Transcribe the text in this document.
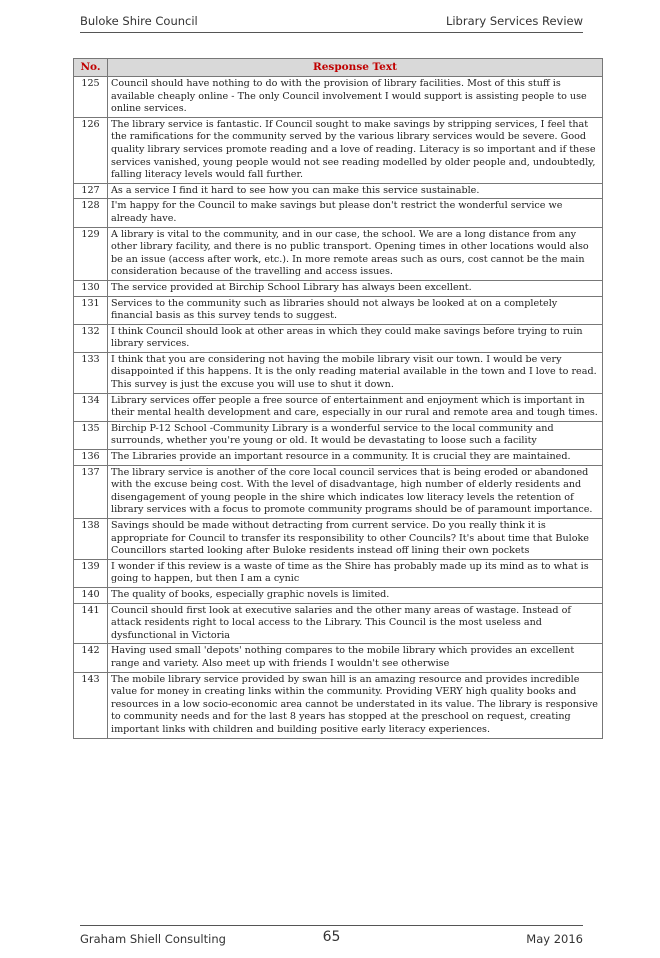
Buloke Shire Council	Library Services Review
No.	Response Text
125	Council should have nothing to do with the provision of library facilities. Most of this stuff is available cheaply online - The only Council involvement I would support is assisting people to use online services.
126	The library service is fantastic. If Council sought to make savings by stripping services, I feel that the ramifications for the community served by the various library services would be severe. Good quality library services promote reading and a love of reading. Literacy is so important and if these services vanished, young people would not see reading modelled by older people and, undoubtedly, falling literacy levels would fall further.
127	As a service I find it hard to see how you can make this service sustainable.
128	I'm happy for the Council to make savings but please don't restrict the wonderful service we already have.
129	A library is vital to the community, and in our case, the school. We are a long distance from any other library facility, and there is no public transport. Opening times in other locations would also be an issue (access after work, etc.). In more remote areas such as ours, cost cannot be the main consideration because of the travelling and access issues.
130	The service provided at Birchip School Library has always been excellent.
131	Services to the community such as libraries should not always be looked at on a completely financial basis as this survey tends to suggest.
132	I think Council should look at other areas in which they could make savings before trying to ruin library services.
133	I think that you are considering not having the mobile library visit our town. I would be very disappointed if this happens. It is the only reading material available in the town and I love to read. This survey is just the excuse you will use to shut it down.
134	Library services offer people a free source of entertainment and enjoyment which is important in their mental health development and care, especially in our rural and remote area and tough times.
135	Birchip P-12 School -Community Library is a wonderful service to the local community and surrounds, whether you're young or old. It would be devastating to loose such a facility
136	The Libraries provide an important resource in a community. It is crucial they are maintained.
137	The library service is another of the core local council services that is being eroded or abandoned with the excuse being cost. With the level of disadvantage, high number of elderly residents and disengagement of young people in the shire which indicates low literacy levels the retention of library services with a focus to promote community programs should be of paramount importance.
138	Savings should be made without detracting from current service. Do you really think it is appropriate for Council to transfer its responsibility to other Councils? It's about time that Buloke Councillors started looking after Buloke residents instead off lining their own pockets
139	I wonder if this review is a waste of time as the Shire has probably made up its mind as to what is going to happen, but then I am a cynic
140	The quality of books, especially graphic novels is limited.
141	Council should first look at executive salaries and the other many areas of wastage. Instead of attack residents right to local access to the Library. This Council is the most useless and dysfunctional in Victoria
142	Having used small 'depots' nothing compares to the mobile library which provides an excellent range and variety. Also meet up with friends I wouldn't see otherwise
143	The mobile library service provided by swan hill is an amazing resource and provides incredible value for money in creating links within the community. Providing VERY high quality books and resources in a low socio-economic area cannot be understated in its value. The library is responsive to community needs and for the last 8 years has stopped at the preschool on request, creating important links with children and building positive early literacy experiences.
Graham Shiell Consulting	65	May 2016
